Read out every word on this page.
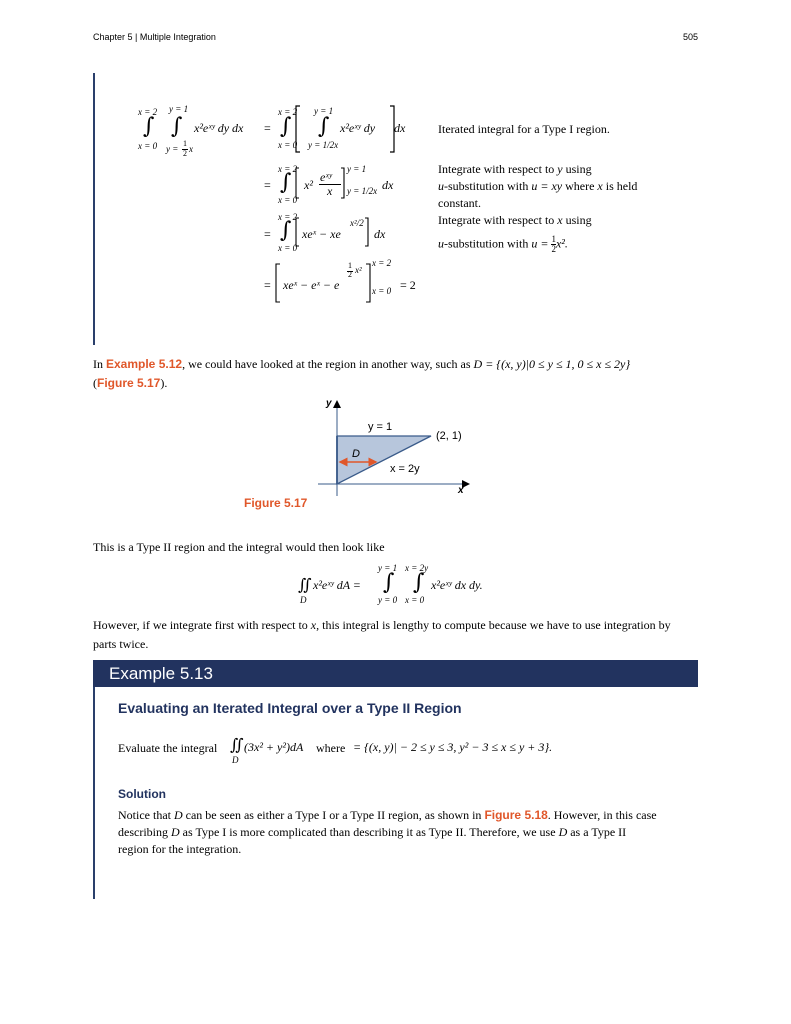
Chapter 5 | Multiple Integration	505
x = 2 y = 1
∫ ∫
x = 0 y =
1
2 x
x²eˣʸ dy dx =
x = 2
∫
x = 0
y = 1
∫
y = 1/2x
x²eˣʸ dy dx
x = 2
= ∫
x = 0
x²
eˣʸ
x
y = 1
y = 1/2x dx
x = 2
= ∫
x = 0
xeˣ − xe
x²/2
dx
= xeˣ − eˣ − e
1
2 x²
x = 2
x = 0 = 2
Iterated integral for a Type I region.
Integrate with respect to y using
u-substitution with u = xy where x is held
constant.
Integrate with respect to x using
u-substitution with $u = \frac{1}{2} x^2$.
In Example 5.12, we could have looked at the region in another way, such as D = {(x, y)|0 ≤ y ≤ 1, 0 ≤ x ≤ 2y}
(Figure 5.17).
y
x
y = 1
(2, 1)
D
x = 2y
Figure 5.17
This is a Type II region and the integral would then look like
∬
D
x²eˣʸ dA =
y = 1 x = 2y
∫ ∫
y = 0 x = 0
x²eˣʸ dx dy.
However, if we integrate first with respect to x, this integral is lengthy to compute because we have to use integration by
parts twice.
Example 5.13
Evaluating an Iterated Integral over a Type II Region
Evaluate the integral ∬
D
(3x² + y²)dA where = {(x, y)| − 2 ≤ y ≤ 3, y² − 3 ≤ x ≤ y + 3}.
Solution
Notice that D can be seen as either a Type I or a Type II region, as shown in Figure 5.18. However, in this case
describing D as Type I is more complicated than describing it as Type II. Therefore, we use D as a Type II
region for the integration.
